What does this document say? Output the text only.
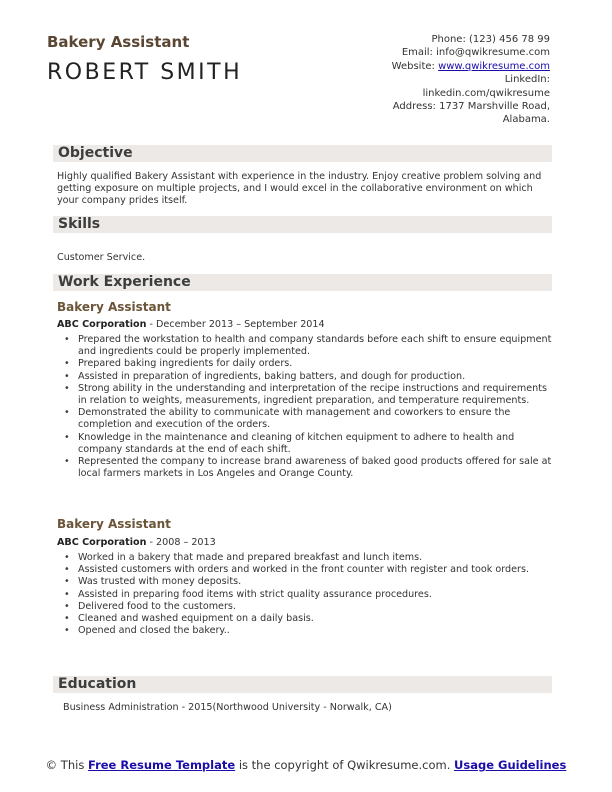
Bakery Assistant
ROBERT SMITH
Phone: (123) 456 78 99
Email: info@qwikresume.com
Website: www.qwikresume.com
LinkedIn:
linkedin.com/qwikresume
Address: 1737 Marshville Road,
Alabama.
Objective
Highly qualified Bakery Assistant with experience in the industry. Enjoy creative problem solving and getting exposure on multiple projects, and I would excel in the collaborative environment on which your company prides itself.
Skills
Customer Service.
Work Experience
Bakery Assistant
ABC Corporation - December 2013 – September 2014
• Prepared the workstation to health and company standards before each shift to ensure equipment and ingredients could be properly implemented.
• Prepared baking ingredients for daily orders.
• Assisted in preparation of ingredients, baking batters, and dough for production.
• Strong ability in the understanding and interpretation of the recipe instructions and requirements in relation to weights, measurements, ingredient preparation, and temperature requirements.
• Demonstrated the ability to communicate with management and coworkers to ensure the completion and execution of the orders.
• Knowledge in the maintenance and cleaning of kitchen equipment to adhere to health and company standards at the end of each shift.
• Represented the company to increase brand awareness of baked good products offered for sale at local farmers markets in Los Angeles and Orange County.
Bakery Assistant
ABC Corporation - 2008 – 2013
• Worked in a bakery that made and prepared breakfast and lunch items.
• Assisted customers with orders and worked in the front counter with register and took orders.
• Was trusted with money deposits.
• Assisted in preparing food items with strict quality assurance procedures.
• Delivered food to the customers.
• Cleaned and washed equipment on a daily basis.
• Opened and closed the bakery..
Education
Business Administration - 2015(Northwood University - Norwalk, CA)
© This Free Resume Template is the copyright of Qwikresume.com. Usage Guidelines
